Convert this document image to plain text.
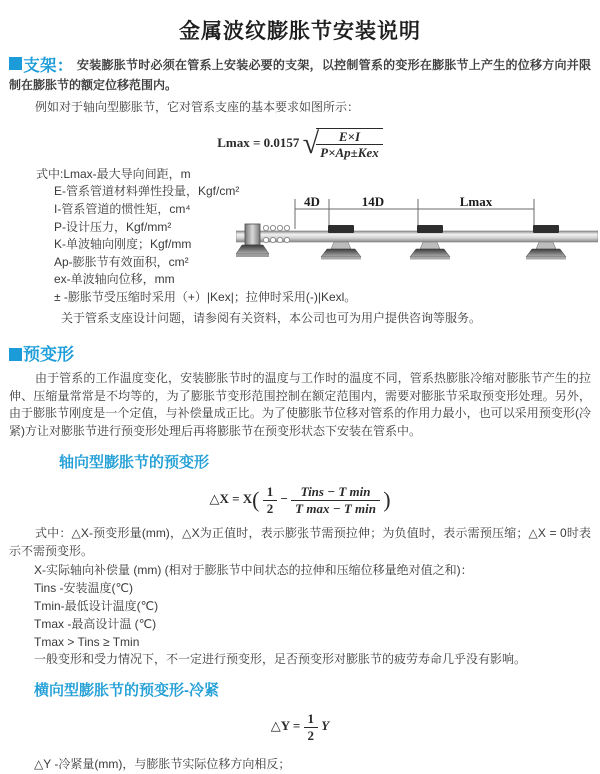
金属波纹膨胀节安装说明

支架： 安装膨胀节时必须在管系上安装必要的支架，以控制管系的变形在膨胀节上产生的位移方向并限制在膨胀节的额定位移范围内。

例如对于轴向型膨胀节，它对管系支座的基本要求如图所示：

Lmax = 0.0157 √
$\frac{E\times I}{\text{P×Ap±Kex}}$
式中:Lmax-最大导向间距，m
E-管系管道材料弹性投量，Kgf/cm²
I-管系管道的惯性矩，cm⁴
P-设计压力，Kgf/mm²
K-单波轴向刚度；Kgf/mm
Ap-膨胀节有效面积，cm²
ex-单波轴向位移，mm
± -膨胀节受压缩时采用（+）|Kex|；拉伸时采用(-)|Kexl。
关于管系支座设计问题，请参阅有关资料，本公司也可为用户提供咨询等服务。
4D	14D	Lmax
预变形

由于管系的工作温度变化，安装膨胀节时的温度与工作时的温度不同，管系热膨胀冷缩对膨胀节产生的拉伸、压缩量常常是不均等的，为了膨胀节变形范围控制在额定范围内，需要对膨胀节采取预变形处理。另外，由于膨胀节刚度是一个定值，与补偿量成正比。为了使膨胀节位移对管系的作用力最小，也可以采用预变形(冷紧)方让对膨胀节进行预变形处理后再将膨胀节在预变形状态下安装在管系中。

轴向型膨胀节的预变形
△X = $X( \frac{1}{2} - \frac{\text{Tins − T min}}{\text{T max − T min}}$ )

式中：△X-预变形量(mm)，△X为正值时，表示膨张节需预拉伸；为负值时，表示需预压缩；△X = 0时表示不需预变形。

X-实际轴向补偿量 (mm) (相对于膨胀节中间状态的拉伸和压缩位移量绝对值之和)：
Tins -安装温度(℃)
Tmin-最低设计温度(℃)
Tmax -最高设计温 (℃)
Tmax > Tins ≥ Tmin
一般变形和受力情况下，不一定进行预变形，足否预变形对膨胀节的疲劳寿命几乎没有影响。
横向型膨胀节的预变形-冷紧
△Y = $\frac{1}{2}$ Y
△Y -冷紧量(mm)，与膨胀节实际位移方向相反；
